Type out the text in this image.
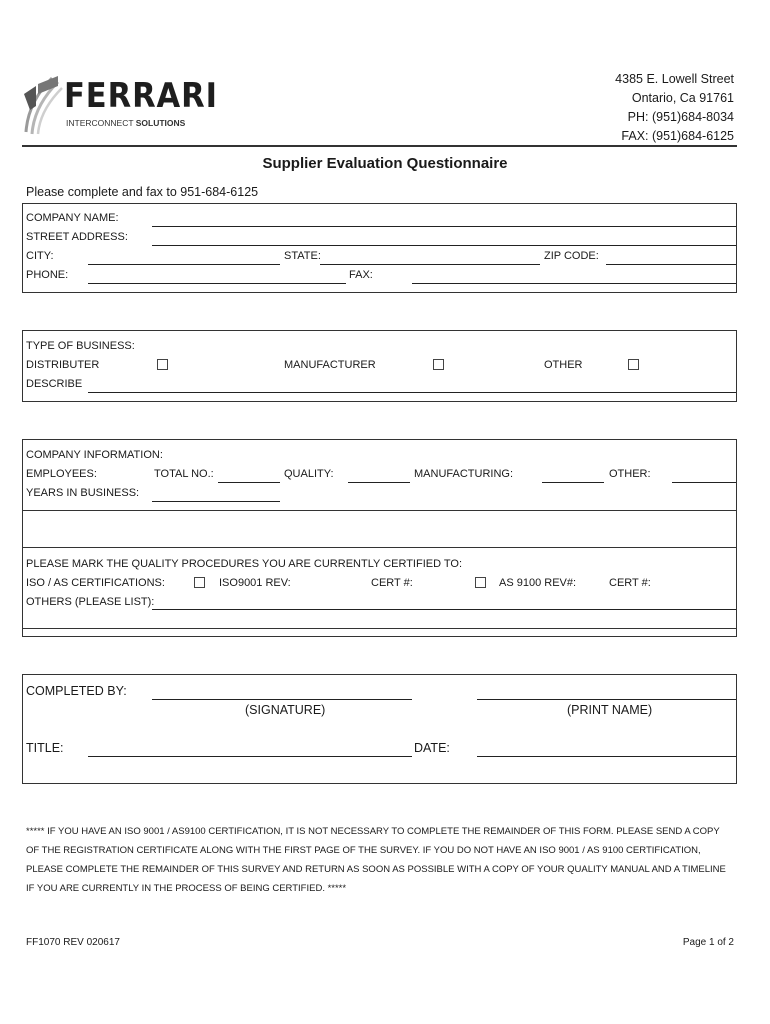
FERRARI
INTERCONNECT SOLUTIONS
4385 E. Lowell Street
Ontario, Ca 91761
PH: (951)684-8034
FAX: (951)684-6125
Supplier Evaluation Questionnaire
Please complete and fax to 951-684-6125
COMPANY NAME:
STREET ADDRESS:
CITY:	STATE:	ZIP CODE:
PHONE:	FAX:
TYPE OF BUSINESS:
DISTRIBUTER	MANUFACTURER	OTHER
DESCRIBE
COMPANY INFORMATION:
EMPLOYEES:	TOTAL NO.:	QUALITY:	MANUFACTURING:	OTHER:
YEARS IN BUSINESS:
PLEASE MARK THE QUALITY PROCEDURES YOU ARE CURRENTLY CERTIFIED TO:
ISO / AS CERTIFICATIONS:	ISO9001 REV:	CERT #:	AS 9100 REV#:	CERT #:
OTHERS (PLEASE LIST):
COMPLETED BY:
(SIGNATURE)	(PRINT NAME)
TITLE:	DATE:
***** IF YOU HAVE AN ISO 9001 / AS9100 CERTIFICATION, IT IS NOT NECESSARY TO COMPLETE THE REMAINDER OF THIS FORM. PLEASE SEND A COPY OF THE REGISTRATION CERTIFICATE ALONG WITH THE FIRST PAGE OF THE SURVEY. IF YOU DO NOT HAVE AN ISO 9001 / AS 9100 CERTIFICATION, PLEASE COMPLETE THE REMAINDER OF THIS SURVEY AND RETURN AS SOON AS POSSIBLE WITH A COPY OF YOUR QUALITY MANUAL AND A TIMELINE IF YOU ARE CURRENTLY IN THE PROCESS OF BEING CERTIFIED. *****
FF1070 REV 020617	Page 1 of 2
